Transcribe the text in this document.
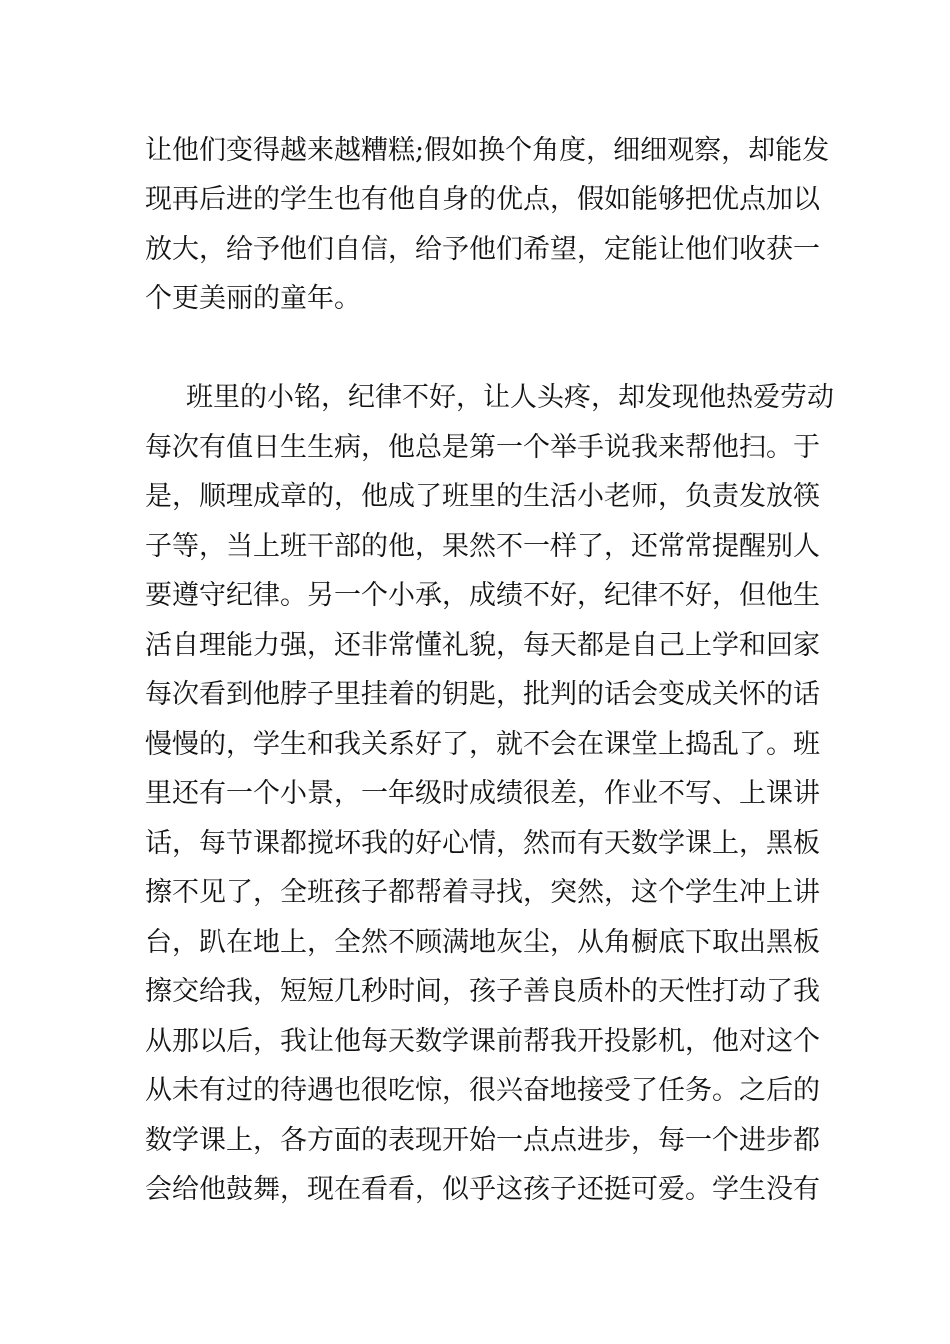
让他们变得越来越糟糕;假如换个角度，细细观察，却能发
现再后进的学生也有他自身的优点，假如能够把优点加以
放大，给予他们自信，给予他们希望，定能让他们收获一
个更美丽的童年。
班里的小铭，纪律不好，让人头疼，却发现他热爱劳动
每次有值日生生病，他总是第一个举手说我来帮他扫。于
是，顺理成章的，他成了班里的生活小老师，负责发放筷
子等，当上班干部的他，果然不一样了，还常常提醒别人
要遵守纪律。另一个小承，成绩不好，纪律不好，但他生
活自理能力强，还非常懂礼貌，每天都是自己上学和回家
每次看到他脖子里挂着的钥匙，批判的话会变成关怀的话
慢慢的，学生和我关系好了，就不会在课堂上捣乱了。班
里还有一个小景，一年级时成绩很差，作业不写、上课讲
话，每节课都搅坏我的好心情，然而有天数学课上，黑板
擦不见了，全班孩子都帮着寻找，突然，这个学生冲上讲
台，趴在地上，全然不顾满地灰尘，从角橱底下取出黑板
擦交给我，短短几秒时间，孩子善良质朴的天性打动了我
从那以后，我让他每天数学课前帮我开投影机，他对这个
从未有过的待遇也很吃惊，很兴奋地接受了任务。之后的
数学课上，各方面的表现开始一点点进步，每一个进步都
会给他鼓舞，现在看看，似乎这孩子还挺可爱。学生没有
